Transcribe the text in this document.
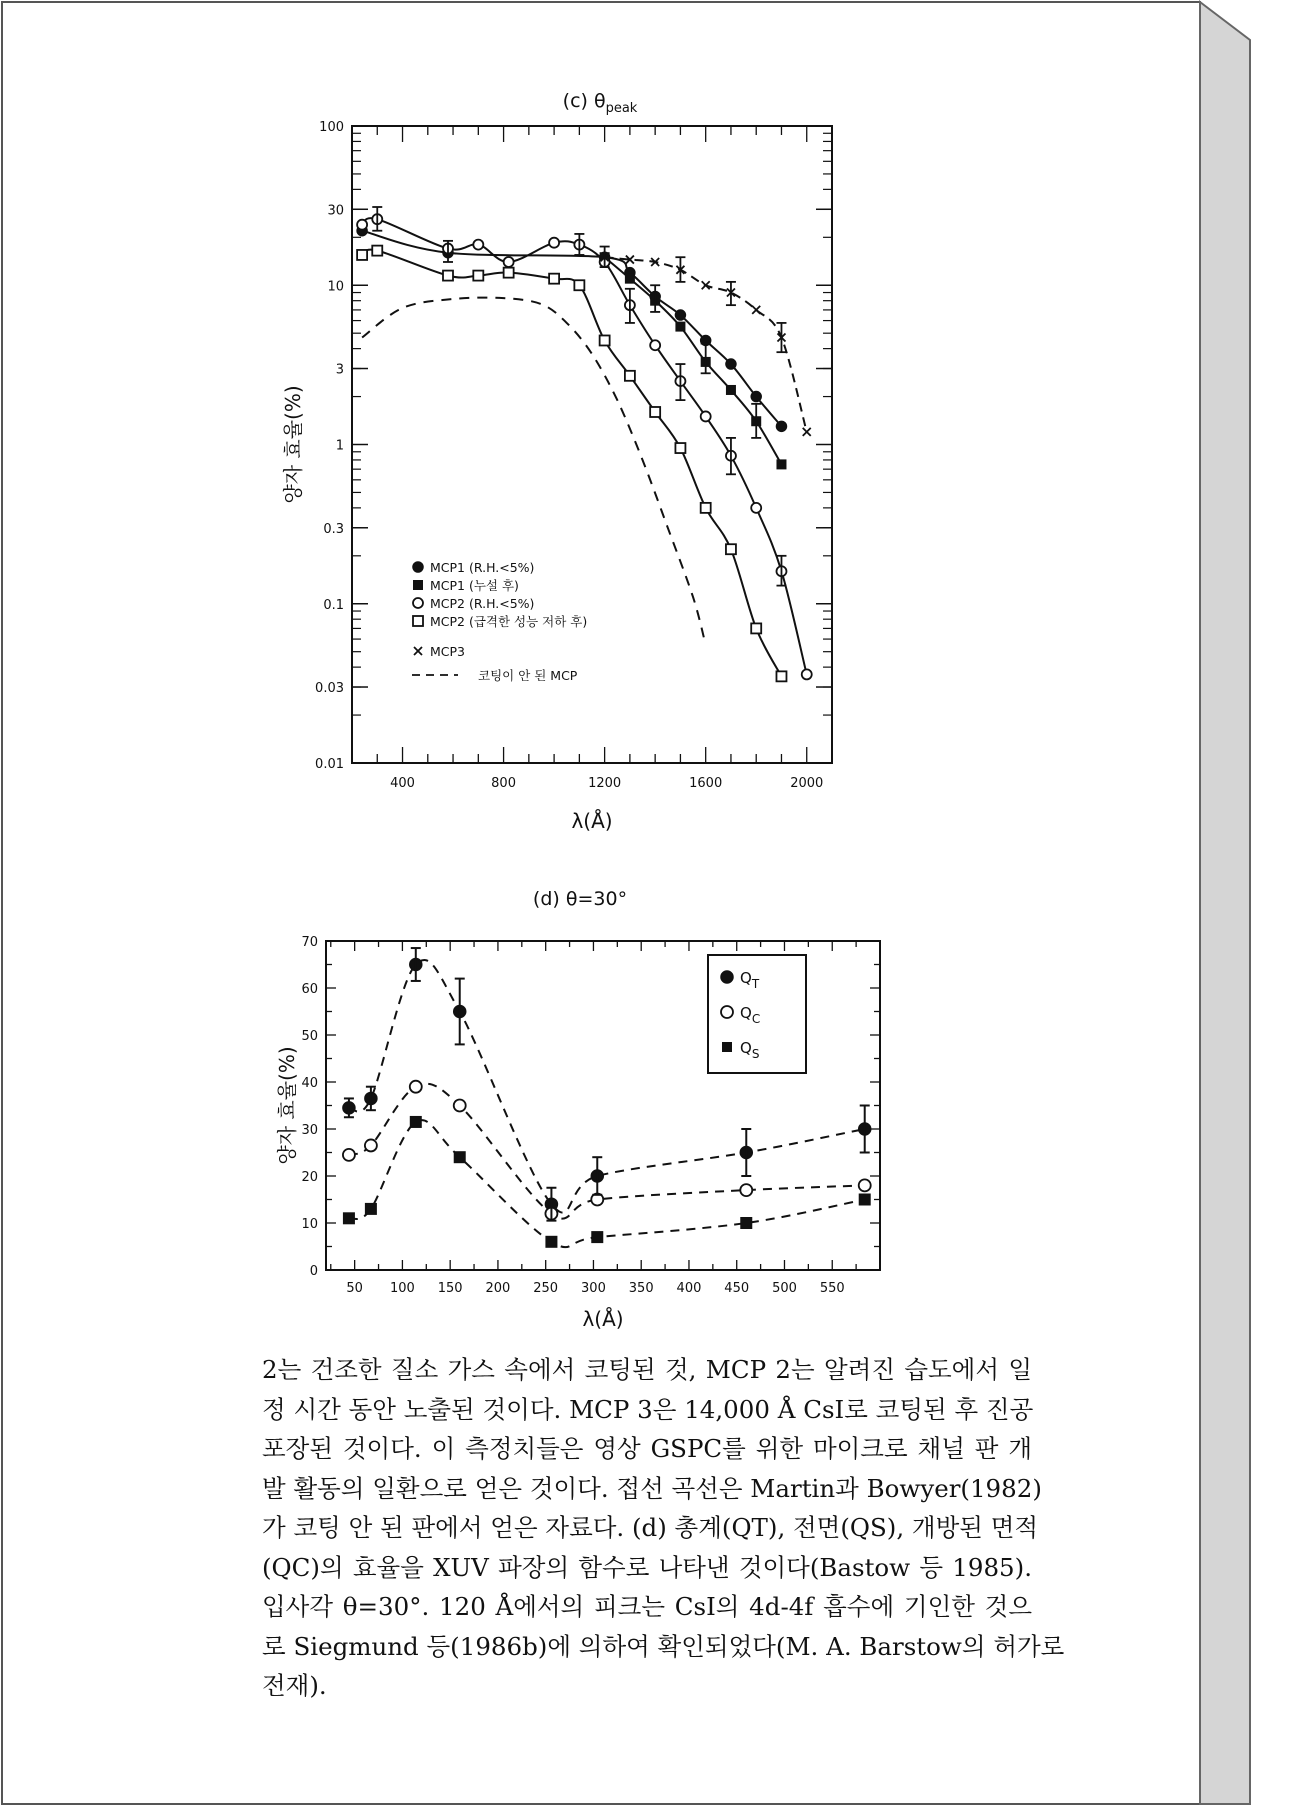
(c) $\theta_{peak}$
0.01
0.03
0.1
0.3
1
3
10
30
100
400	800	1200	1600	2000
λ(Å)
양자 효율(%)
MCP1 (R.H.<5%)
MCP1 (누설 후)
MCP2 (R.H.<5%)
MCP2 (급격한 성능 저하 후)
MCP3
코팅이 안 된 MCP
(d) θ=30°
0
10
20
30
40
50
60
70
50 100 150 200 250 300 350 400 450 500 550
λ(Å)
양자 효율(%)
$Q_T$
$Q_C$
$Q_S$
2는 건조한 질소 가스 속에서 코팅된 것, MCP 2는 알려진 습도에서 일
정 시간 동안 노출된 것이다. MCP 3은 14,000 Å CsI로 코팅된 후 진공
포장된 것이다. 이 측정치들은 영상 GSPC를 위한 마이크로 채널 판 개
발 활동의 일환으로 얻은 것이다. 접선 곡선은 Martin과 Bowyer(1982)
가 코팅 안 된 판에서 얻은 자료다. (d) 총계(QT), 전면(QS), 개방된 면적
(QC)의 효율을 XUV 파장의 함수로 나타낸 것이다(Bastow 등 1985).
입사각 θ=30°. 120 Å에서의 피크는 CsI의 4d-4f 흡수에 기인한 것으
로 Siegmund 등(1986b)에 의하여 확인되었다(M. A. Barstow의 허가로
전재).
